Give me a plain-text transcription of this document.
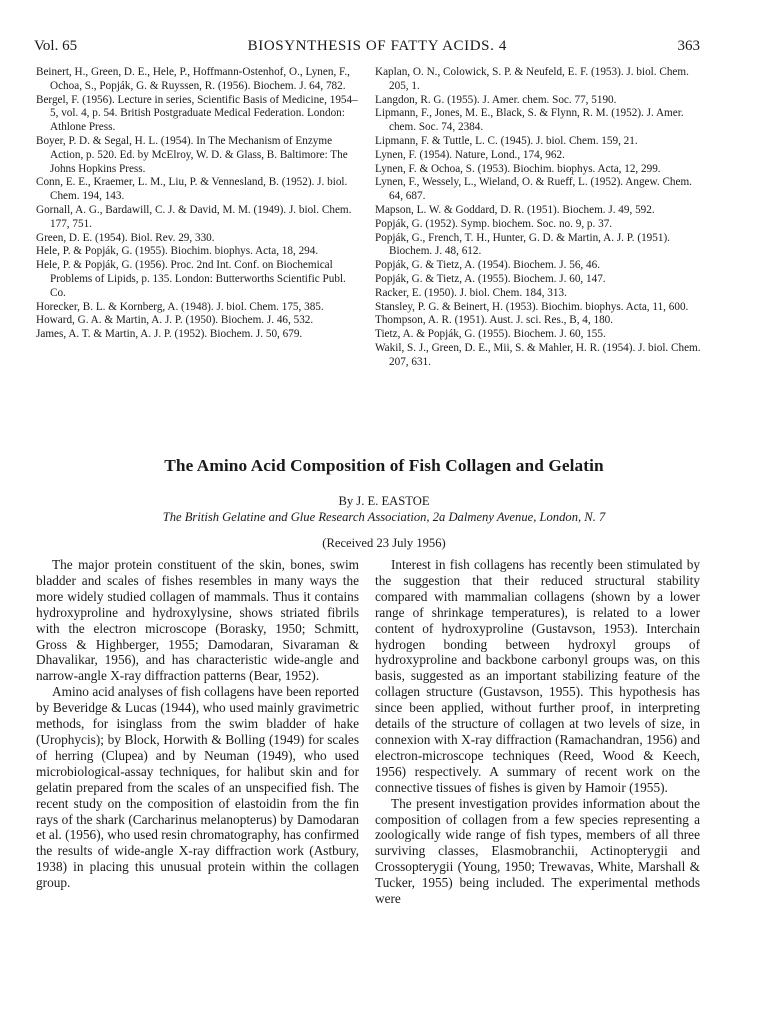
Vol. 65	BIOSYNTHESIS OF FATTY ACIDS. 4	363

Beinert, H., Green, D. E., Hele, P., Hoffmann-Ostenhof, O., Lynen, F., Ochoa, S., Popják, G. & Ruyssen, R. (1956). Biochem. J. 64, 782.

Bergel, F. (1956). Lecture in series, Scientific Basis of Medicine, 1954–5, vol. 4, p. 54. British Postgraduate Medical Federation. London: Athlone Press.

Boyer, P. D. & Segal, H. L. (1954). In The Mechanism of Enzyme Action, p. 520. Ed. by McElroy, W. D. & Glass, B. Baltimore: The Johns Hopkins Press.

Conn, E. E., Kraemer, L. M., Liu, P. & Vennesland, B. (1952). J. biol. Chem. 194, 143.

Gornall, A. G., Bardawill, C. J. & David, M. M. (1949). J. biol. Chem. 177, 751.

Green, D. E. (1954). Biol. Rev. 29, 330.

Hele, P. & Popják, G. (1955). Biochim. biophys. Acta, 18, 294.

Hele, P. & Popják, G. (1956). Proc. 2nd Int. Conf. on Biochemical Problems of Lipids, p. 135. London: Butterworths Scientific Publ. Co.

Horecker, B. L. & Kornberg, A. (1948). J. biol. Chem. 175, 385.

Howard, G. A. & Martin, A. J. P. (1950). Biochem. J. 46, 532.

James, A. T. & Martin, A. J. P. (1952). Biochem. J. 50, 679.

Kaplan, O. N., Colowick, S. P. & Neufeld, E. F. (1953). J. biol. Chem. 205, 1.

Langdon, R. G. (1955). J. Amer. chem. Soc. 77, 5190.

Lipmann, F., Jones, M. E., Black, S. & Flynn, R. M. (1952). J. Amer. chem. Soc. 74, 2384.

Lipmann, F. & Tuttle, L. C. (1945). J. biol. Chem. 159, 21.

Lynen, F. (1954). Nature, Lond., 174, 962.

Lynen, F. & Ochoa, S. (1953). Biochim. biophys. Acta, 12, 299.

Lynen, F., Wessely, L., Wieland, O. & Rueff, L. (1952). Angew. Chem. 64, 687.

Mapson, L. W. & Goddard, D. R. (1951). Biochem. J. 49, 592.

Popják, G. (1952). Symp. biochem. Soc. no. 9, p. 37.

Popják, G., French, T. H., Hunter, G. D. & Martin, A. J. P. (1951). Biochem. J. 48, 612.

Popják, G. & Tietz, A. (1954). Biochem. J. 56, 46.

Popják, G. & Tietz, A. (1955). Biochem. J. 60, 147.

Racker, E. (1950). J. biol. Chem. 184, 313.

Stansley, P. G. & Beinert, H. (1953). Biochim. biophys. Acta, 11, 600.

Thompson, A. R. (1951). Aust. J. sci. Res., B, 4, 180.

Tietz, A. & Popják, G. (1955). Biochem. J. 60, 155.

Wakil, S. J., Green, D. E., Mii, S. & Mahler, H. R. (1954). J. biol. Chem. 207, 631.

The Amino Acid Composition of Fish Collagen and Gelatin
By J. E. EASTOE
The British Gelatine and Glue Research Association, 2a Dalmeny Avenue, London, N. 7
(Received 23 July 1956)

The major protein constituent of the skin, bones, swim bladder and scales of fishes resembles in many ways the more widely studied collagen of mammals. Thus it contains hydroxyproline and hydroxylysine, shows striated fibrils with the electron microscope (Borasky, 1950; Schmitt, Gross & Highberger, 1955; Damodaran, Sivaraman & Dhavalikar, 1956), and has characteristic wide-angle and narrow-angle X-ray diffraction patterns (Bear, 1952).

Amino acid analyses of fish collagens have been reported by Beveridge & Lucas (1944), who used mainly gravimetric methods, for isinglass from the swim bladder of hake (Urophycis); by Block, Horwith & Bolling (1949) for scales of herring (Clupea) and by Neuman (1949), who used microbiological-assay techniques, for halibut skin and for gelatin prepared from the scales of an unspecified fish. The recent study on the composition of elastoidin from the fin rays of the shark (Carcharinus melanopterus) by Damodaran et al. (1956), who used resin chromatography, has confirmed the results of wide-angle X-ray diffraction work (Astbury, 1938) in placing this unusual protein within the collagen group.

Interest in fish collagens has recently been stimulated by the suggestion that their reduced structural stability compared with mammalian collagens (shown by a lower range of shrinkage temperatures), is related to a lower content of hydroxyproline (Gustavson, 1953). Interchain hydrogen bonding between hydroxyl groups of hydroxyproline and backbone carbonyl groups was, on this basis, suggested as an important stabilizing feature of the collagen structure (Gustavson, 1955). This hypothesis has since been applied, without further proof, in interpreting details of the structure of collagen at two levels of size, in connexion with X-ray diffraction (Ramachandran, 1956) and electron-microscope techniques (Reed, Wood & Keech, 1956) respectively. A summary of recent work on the connective tissues of fishes is given by Hamoir (1955).

The present investigation provides information about the composition of collagen from a few species representing a zoologically wide range of fish types, members of all three surviving classes, Elasmobranchii, Actinopterygii and Crossopterygii (Young, 1950; Trewavas, White, Marshall & Tucker, 1955) being included. The experimental methods were
